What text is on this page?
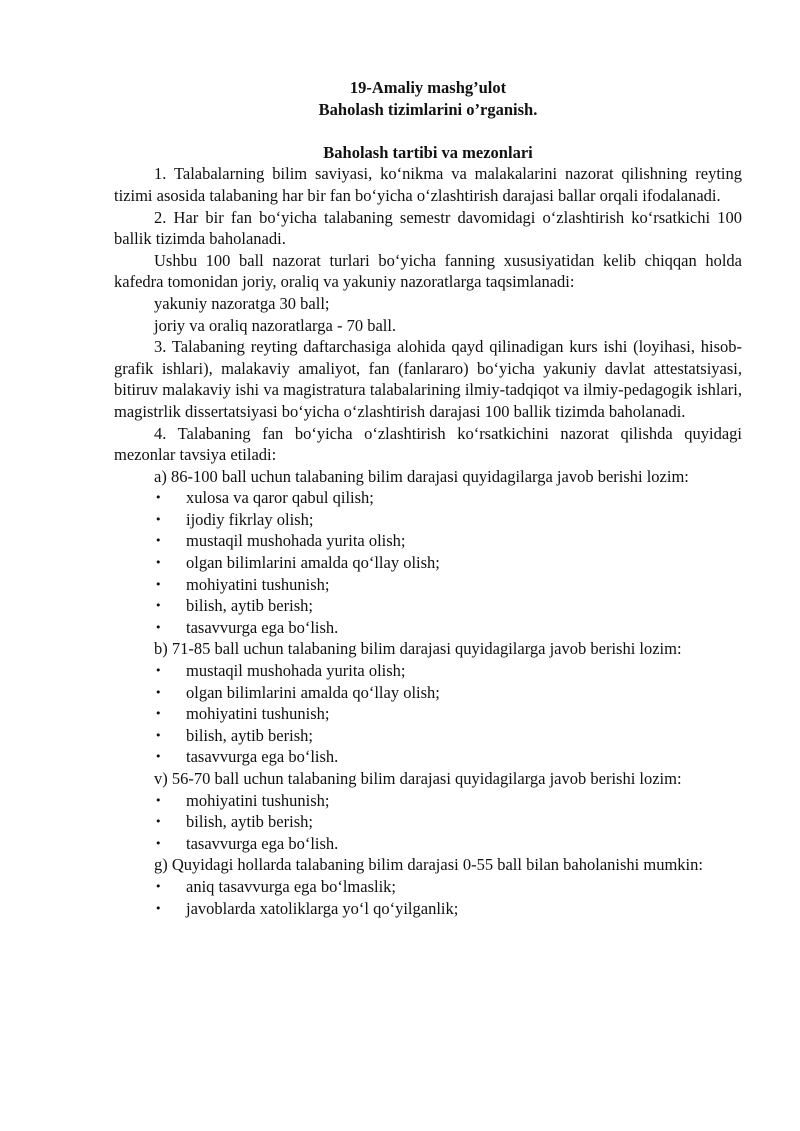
19-Amaliy mashg’ulot
Baholash tizimlarini o’rganish.
Baholash tartibi va mezonlari

1. Talabalarning bilim saviyasi, koʻnikma va malakalarini nazorat qilishning reyting tizimi asosida talabaning har bir fan boʻyicha oʻzlashtirish darajasi ballar orqali ifodalanadi.

2. Har bir fan boʻyicha talabaning semestr davomidagi oʻzlashtirish koʻrsatkichi 100 ballik tizimda baholanadi.

Ushbu 100 ball nazorat turlari boʻyicha fanning xususiyatidan kelib chiqqan holda kafedra tomonidan joriy, oraliq va yakuniy nazoratlarga taqsimlanadi:

yakuniy nazoratga 30 ball;

joriy va oraliq nazoratlarga - 70 ball.

3. Talabaning reyting daftarchasiga alohida qayd qilinadigan kurs ishi (loyihasi, hisob-grafik ishlari), malakaviy amaliyot, fan (fanlararo) boʻyicha yakuniy davlat attestatsiyasi, bitiruv malakaviy ishi va magistratura talabalarining ilmiy-tadqiqot va ilmiy-pedagogik ishlari, magistrlik dissertatsiyasi boʻyicha oʻzlashtirish darajasi 100 ballik tizimda baholanadi.

4. Talabaning fan boʻyicha oʻzlashtirish koʻrsatkichini nazorat qilishda quyidagi mezonlar tavsiya etiladi:

a) 86-100 ball uchun talabaning bilim darajasi quyidagilarga javob berishi lozim:

• xulosa va qaror qabul qilish;
• ijodiy fikrlay olish;
• mustaqil mushohada yurita olish;
• olgan bilimlarini amalda qoʻllay olish;
• mohiyatini tushunish;
• bilish, aytib berish;
• tasavvurga ega boʻlish.

b) 71-85 ball uchun talabaning bilim darajasi quyidagilarga javob berishi lozim:

• mustaqil mushohada yurita olish;
• olgan bilimlarini amalda qoʻllay olish;
• mohiyatini tushunish;
• bilish, aytib berish;
• tasavvurga ega boʻlish.

v) 56-70 ball uchun talabaning bilim darajasi quyidagilarga javob berishi lozim:

• mohiyatini tushunish;
• bilish, aytib berish;
• tasavvurga ega boʻlish.

g) Quyidagi hollarda talabaning bilim darajasi 0-55 ball bilan baholanishi mumkin:

• aniq tasavvurga ega boʻlmaslik;
• javoblarda xatoliklarga yoʻl qoʻyilganlik;
